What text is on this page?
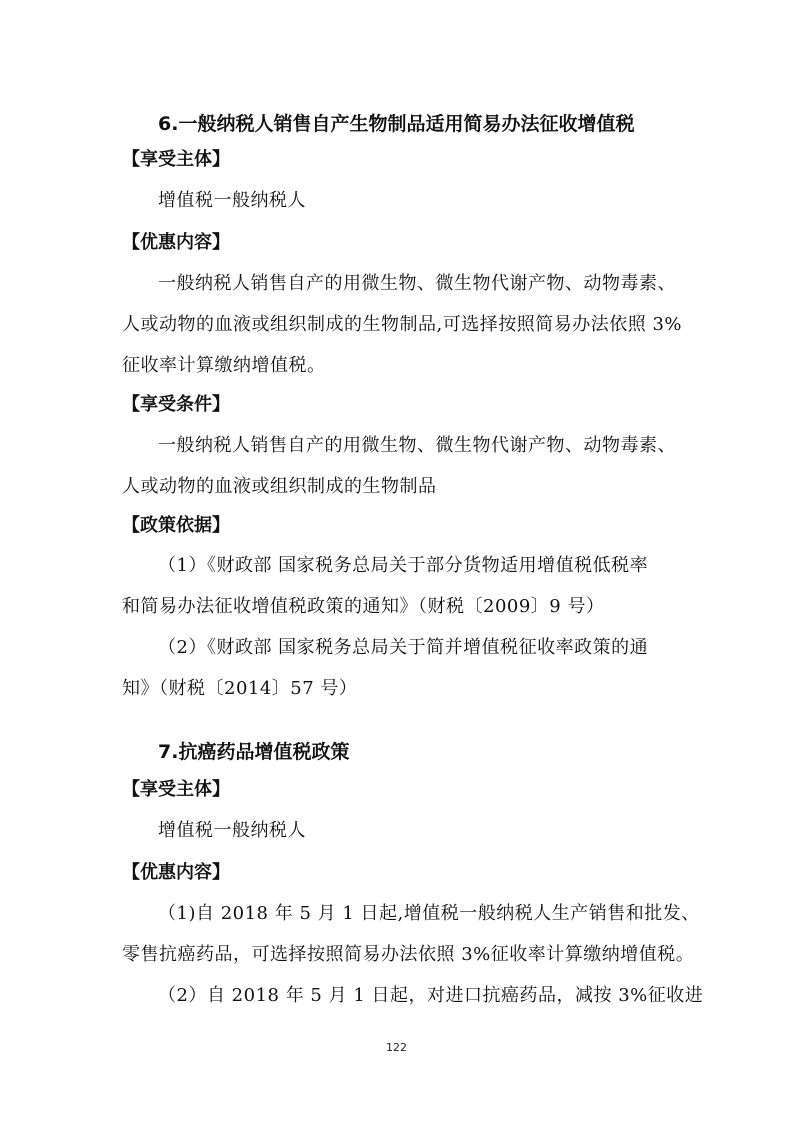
6.一般纳税人销售自产生物制品适用简易办法征收增值税
【享受主体】
增值税一般纳税人
【优惠内容】
一般纳税人销售自产的用微生物、微生物代谢产物、动物毒素、
人或动物的血液或组织制成的生物制品,可选择按照简易办法依照 3%
征收率计算缴纳增值税。
【享受条件】
一般纳税人销售自产的用微生物、微生物代谢产物、动物毒素、
人或动物的血液或组织制成的生物制品
【政策依据】
（1）《财政部 国家税务总局关于部分货物适用增值税低税率
和简易办法征收增值税政策的通知》（财税〔2009〕9 号）
（2）《财政部 国家税务总局关于简并增值税征收率政策的通
知》（财税〔2014〕57 号）
7.抗癌药品增值税政策
【享受主体】
增值税一般纳税人
【优惠内容】
（1)自 2018 年 5 月 1 日起,增值税一般纳税人生产销售和批发、
零售抗癌药品，可选择按照简易办法依照 3%征收率计算缴纳增值税。
（2）自 2018 年 5 月 1 日起，对进口抗癌药品，减按 3%征收进
122
